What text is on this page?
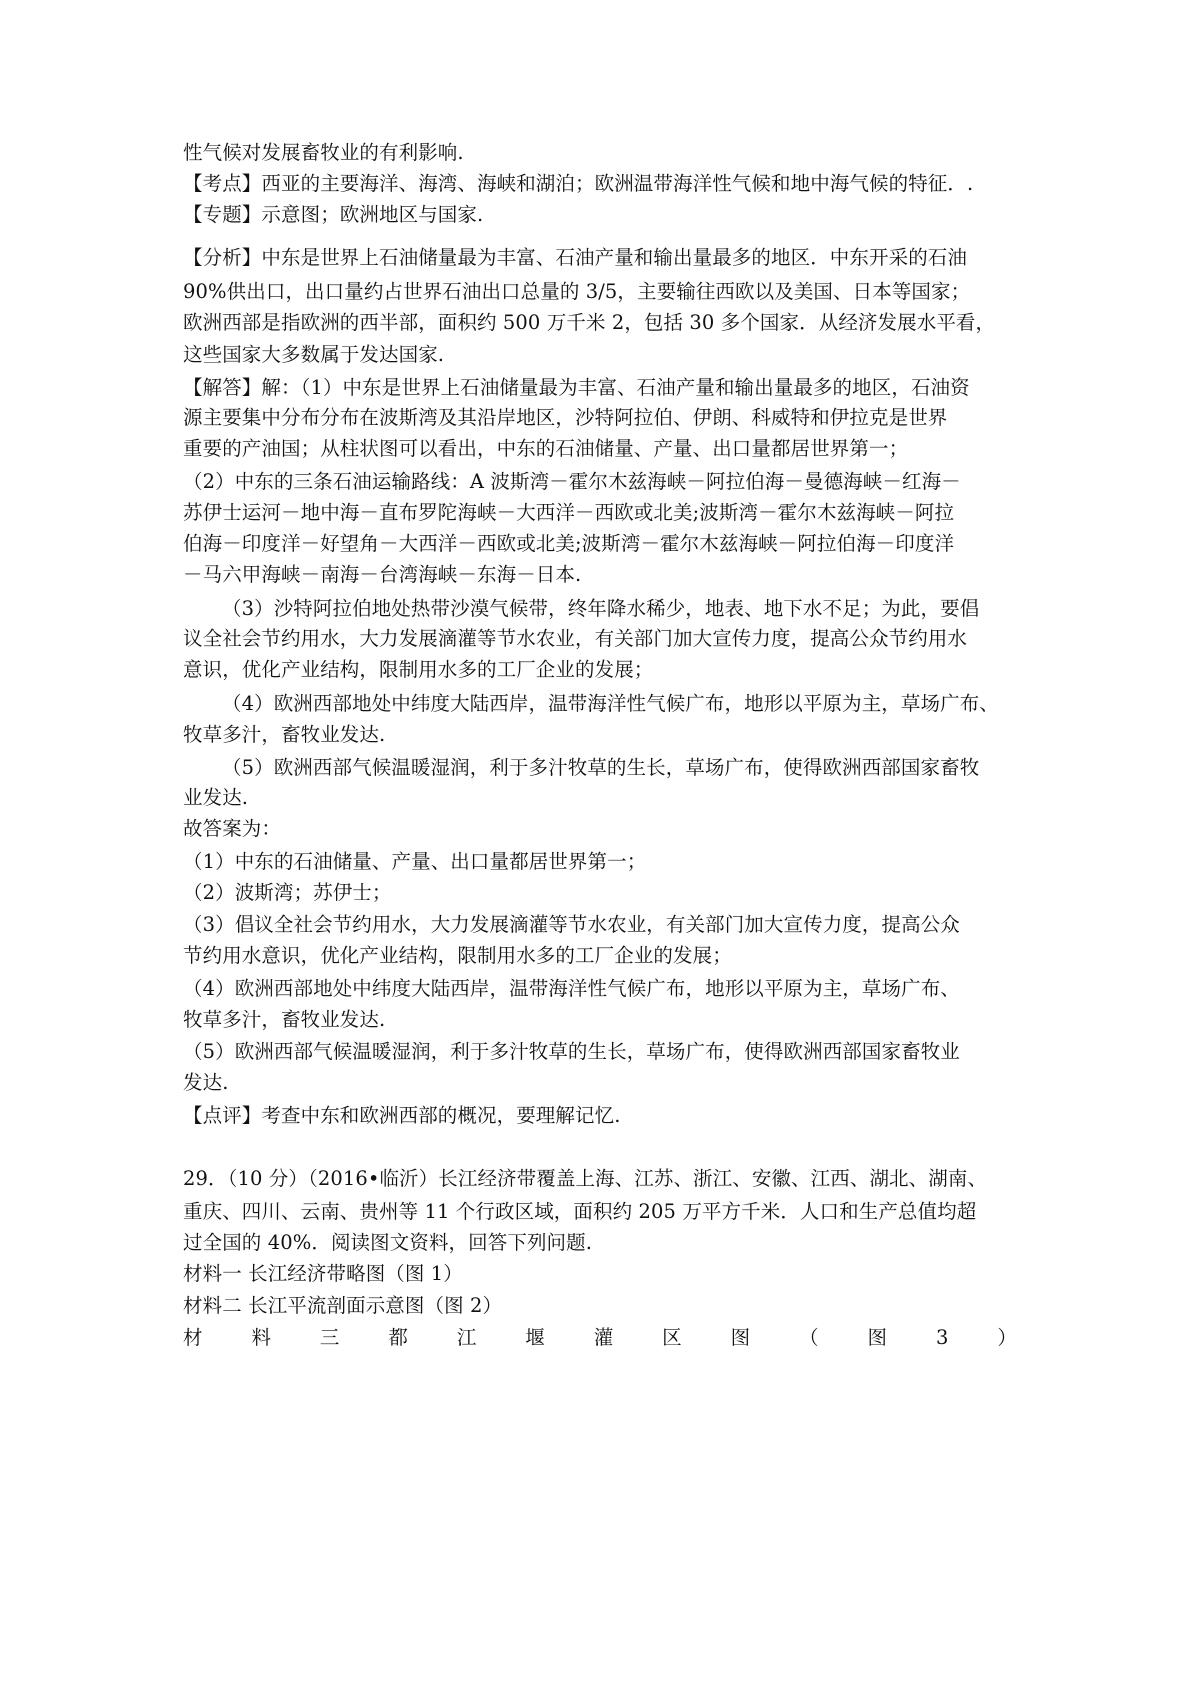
性气候对发展畜牧业的有利影响.
【考点】西亚的主要海洋、海湾、海峡和湖泊；欧洲温带海洋性气候和地中海气候的特征．.
【专题】示意图；欧洲地区与国家.
【分析】中东是世界上石油储量最为丰富、石油产量和输出量最多的地区．中东开采的石油
90%供出口，出口量约占世界石油出口总量的 3/5，主要输往西欧以及美国、日本等国家；
欧洲西部是指欧洲的西半部，面积约 500 万千米 2，包括 30 多个国家．从经济发展水平看，
这些国家大多数属于发达国家.
【解答】解：（1）中东是世界上石油储量最为丰富、石油产量和输出量最多的地区，石油资
源主要集中分布分布在波斯湾及其沿岸地区，沙特阿拉伯、伊朗、科威特和伊拉克是世界
重要的产油国；从柱状图可以看出，中东的石油储量、产量、出口量都居世界第一；
（2）中东的三条石油运输路线：A 波斯湾－霍尔木兹海峡－阿拉伯海－曼德海峡－红海－
苏伊士运河－地中海－直布罗陀海峡－大西洋－西欧或北美;波斯湾－霍尔木兹海峡－阿拉
伯海－印度洋－好望角－大西洋－西欧或北美;波斯湾－霍尔木兹海峡－阿拉伯海－印度洋
－马六甲海峡－南海－台湾海峡－东海－日本.
（3）沙特阿拉伯地处热带沙漠气候带，终年降水稀少，地表、地下水不足；为此，要倡
议全社会节约用水，大力发展滴灌等节水农业，有关部门加大宣传力度，提高公众节约用水
意识，优化产业结构，限制用水多的工厂企业的发展；
（4）欧洲西部地处中纬度大陆西岸，温带海洋性气候广布，地形以平原为主，草场广布、
牧草多汁，畜牧业发达.
（5）欧洲西部气候温暖湿润，利于多汁牧草的生长，草场广布，使得欧洲西部国家畜牧
业发达.
故答案为：
（1）中东的石油储量、产量、出口量都居世界第一；
（2）波斯湾；苏伊士；
（3）倡议全社会节约用水，大力发展滴灌等节水农业，有关部门加大宣传力度，提高公众
节约用水意识，优化产业结构，限制用水多的工厂企业的发展；
（4）欧洲西部地处中纬度大陆西岸，温带海洋性气候广布，地形以平原为主，草场广布、
牧草多汁，畜牧业发达.
（5）欧洲西部气候温暖湿润，利于多汁牧草的生长，草场广布，使得欧洲西部国家畜牧业
发达.
【点评】考查中东和欧洲西部的概况，要理解记忆.
29．（10 分）（2016•临沂）长江经济带覆盖上海、江苏、浙江、安徽、江西、湖北、湖南、
重庆、四川、云南、贵州等 11 个行政区域，面积约 205 万平方千米．人口和生产总值均超
过全国的 40%．阅读图文资料，回答下列问题.
材料一 长江经济带略图（图 1）
材料二 长江平流剖面示意图（图 2）
材	料	三	都	江	堰	灌	区	图	（	图	3	）
